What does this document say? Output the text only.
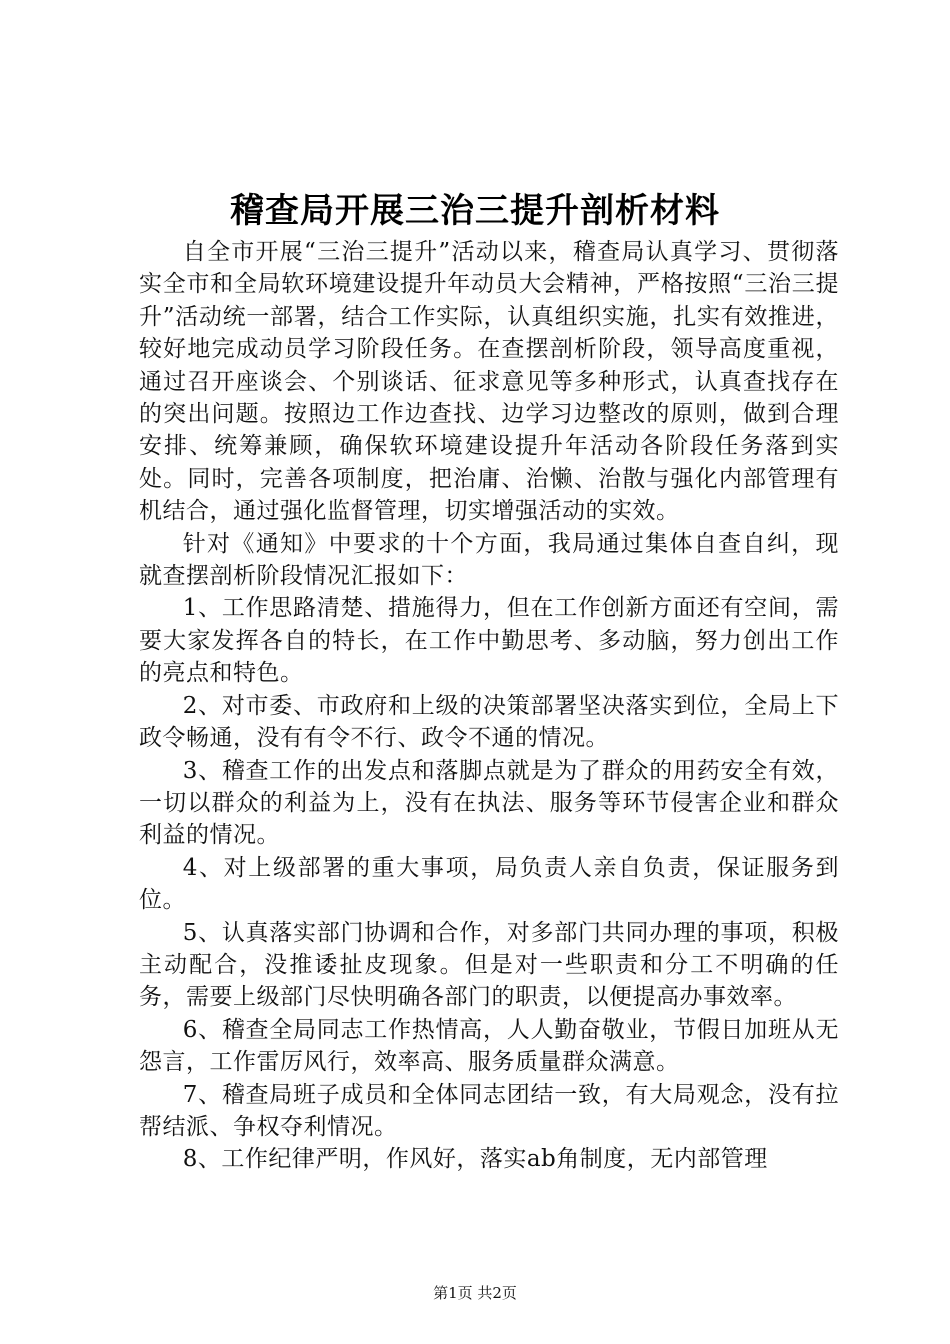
稽查局开展三治三提升剖析材料

自全市开展“三治三提升”活动以来，稽查局认真学习、贯彻落实全市和全局软环境建设提升年动员大会精神，严格按照“三治三提升”活动统一部署，结合工作实际，认真组织实施，扎实有效推进，较好地完成动员学习阶段任务。在查摆剖析阶段，领导高度重视，通过召开座谈会、个别谈话、征求意见等多种形式，认真查找存在的突出问题。按照边工作边查找、边学习边整改的原则，做到合理安排、统筹兼顾，确保软环境建设提升年活动各阶段任务落到实处。同时，完善各项制度，把治庸、治懒、治散与强化内部管理有机结合，通过强化监督管理，切实增强活动的实效。

针对《通知》中要求的十个方面，我局通过集体自查自纠，现就查摆剖析阶段情况汇报如下：

1、工作思路清楚、措施得力，但在工作创新方面还有空间，需要大家发挥各自的特长，在工作中勤思考、多动脑，努力创出工作的亮点和特色。

2、对市委、市政府和上级的决策部署坚决落实到位，全局上下政令畅通，没有有令不行、政令不通的情况。

3、稽查工作的出发点和落脚点就是为了群众的用药安全有效，一切以群众的利益为上，没有在执法、服务等环节侵害企业和群众利益的情况。

4、对上级部署的重大事项，局负责人亲自负责，保证服务到位。

5、认真落实部门协调和合作，对多部门共同办理的事项，积极主动配合，没推诿扯皮现象。但是对一些职责和分工不明确的任务，需要上级部门尽快明确各部门的职责，以便提高办事效率。

6、稽查全局同志工作热情高，人人勤奋敬业，节假日加班从无怨言，工作雷厉风行，效率高、服务质量群众满意。

7、稽查局班子成员和全体同志团结一致，有大局观念，没有拉帮结派、争权夺利情况。

8、工作纪律严明，作风好，落实ab角制度，无内部管理

第1页 共2页
